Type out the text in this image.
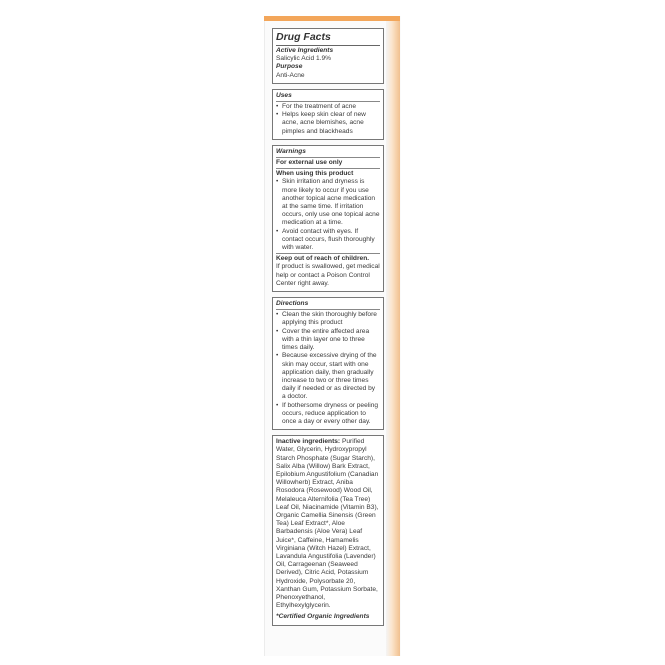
Drug Facts
Active Ingredients
Salicylic Acid 1.9%
Purpose
Anti-Acne
Uses
• For the treatment of acne
• Helps keep skin clear of new acne, acne blemishes, acne pimples and blackheads
Warnings
For external use only
When using this product
• Skin irritation and dryness is more likely to occur if you use another topical acne medication at the same time. If irritation occurs, only use one topical acne medication at a time.
• Avoid contact with eyes. If contact occurs, flush thoroughly with water.
Keep out of reach of children.

If product is swallowed, get medical help or contact a Poison Control Center right away.

Directions
• Clean the skin thoroughly before applying this product
• Cover the entire affected area with a thin layer one to three times daily.
• Because excessive drying of the skin may occur, start with one application daily, then gradually increase to two or three times daily if needed or as directed by a doctor.
• If bothersome dryness or peeling occurs, reduce application to once a day or every other day.

Inactive ingredients: Purified Water, Glycerin, Hydroxypropyl Starch Phosphate (Sugar Starch), Salix Alba (Willow) Bark Extract, Epilobium Angustifolium (Canadian Willowherb) Extract, Aniba Rosodora (Rosewood) Wood Oil, Melaleuca Alternifolia (Tea Tree) Leaf Oil, Niacinamide (Vitamin B3), Organic Camellia Sinensis (Green Tea) Leaf Extract*, Aloe Barbadensis (Aloe Vera) Leaf Juice*, Caffeine, Hamamelis Virginiana (Witch Hazel) Extract, Lavandula Angustifolia (Lavender) Oil, Carrageenan (Seaweed Derived), Citric Acid, Potassium Hydroxide, Polysorbate 20, Xanthan Gum, Potassium Sorbate, Phenoxyethanol, Ethylhexylglycerin.

*Certified Organic Ingredients
